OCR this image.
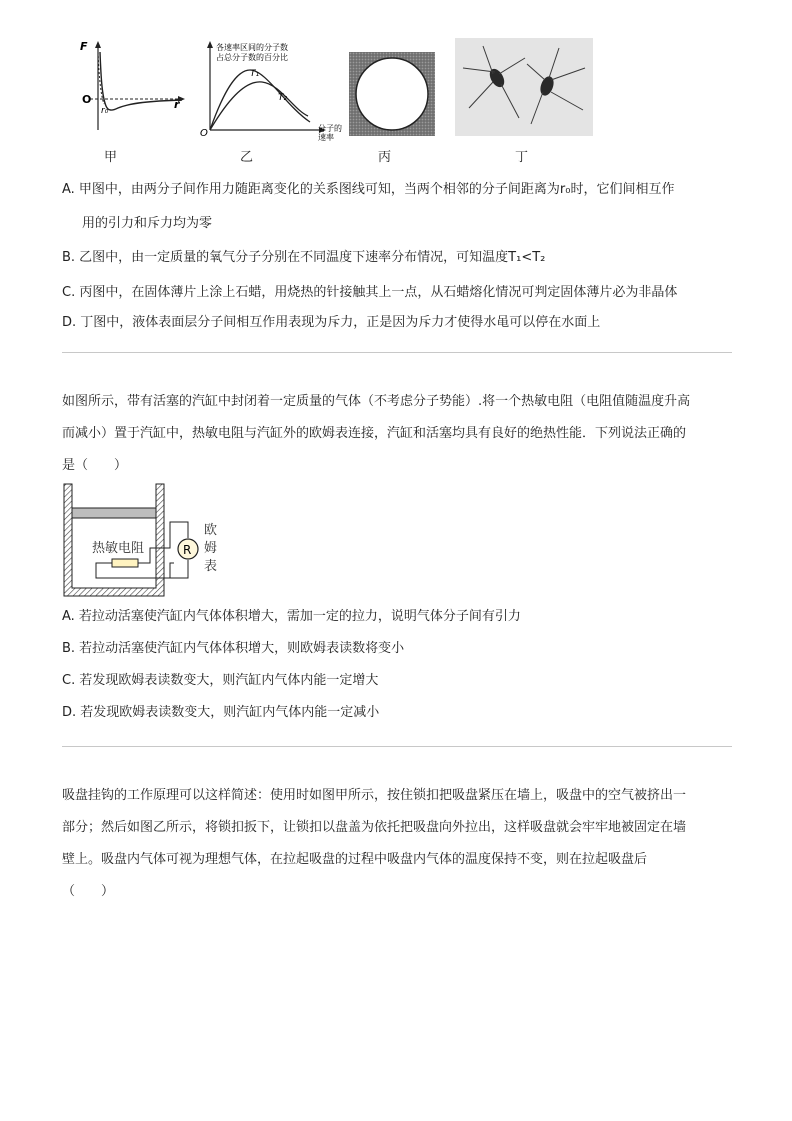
F
O	r
r₀
甲
各速率区间的分子数
占总分子数的百分比
T₁
T₂
O	分子的
速率
乙	丙	丁
A. 甲图中，由两分子间作用力随距离变化的关系图线可知，当两个相邻的分子间距离为r₀时，它们间相互作
用的引力和斥力均为零
B. 乙图中，由一定质量的氧气分子分别在不同温度下速率分布情况，可知温度T₁<T₂
C. 丙图中，在固体薄片上涂上石蜡，用烧热的针接触其上一点，从石蜡熔化情况可判定固体薄片必为非晶体
D. 丁图中，液体表面层分子间相互作用表现为斥力，正是因为斥力才使得水黾可以停在水面上
如图所示，带有活塞的汽缸中封闭着一定质量的气体（不考虑分子势能）.将一个热敏电阻（电阻值随温度升高
而减小）置于汽缸中，热敏电阻与汽缸外的欧姆表连接，汽缸和活塞均具有良好的绝热性能．下列说法正确的
是（　　）
热敏电阻	R
欧
姆
表
A. 若拉动活塞使汽缸内气体体积增大，需加一定的拉力，说明气体分子间有引力
B. 若拉动活塞使汽缸内气体体积增大，则欧姆表读数将变小
C. 若发现欧姆表读数变大，则汽缸内气体内能一定增大
D. 若发现欧姆表读数变大，则汽缸内气体内能一定减小
吸盘挂钩的工作原理可以这样简述：使用时如图甲所示，按住锁扣把吸盘紧压在墙上，吸盘中的空气被挤出一
部分；然后如图乙所示，将锁扣扳下，让锁扣以盘盖为依托把吸盘向外拉出，这样吸盘就会牢牢地被固定在墙
壁上。吸盘内气体可视为理想气体，在拉起吸盘的过程中吸盘内气体的温度保持不变，则在拉起吸盘后
（　　）
